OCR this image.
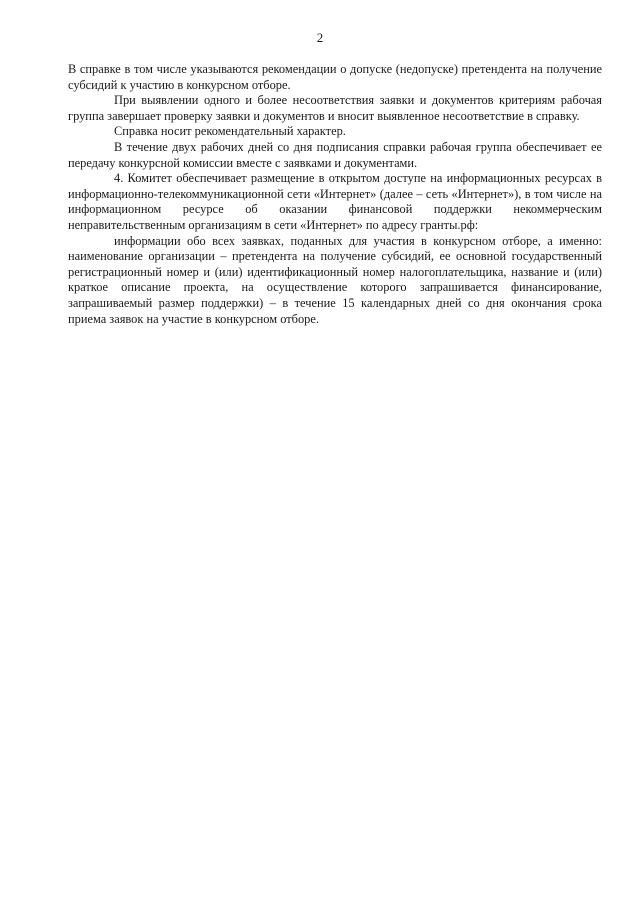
2

В справке в том числе указываются рекомендации о допуске (недопуске) претендента на получение субсидий к участию в конкурсном отборе.

При выявлении одного и более несоответствия заявки и документов критериям рабочая группа завершает проверку заявки и документов и вносит выявленное несоответствие в справку.

Справка носит рекомендательный характер.

В течение двух рабочих дней со дня подписания справки рабочая группа обеспечивает ее передачу конкурсной комиссии вместе с заявками и документами.

4. Комитет обеспечивает размещение в открытом доступе на информационных ресурсах в информационно-телекоммуникационной сети «Интернет» (далее – сеть «Интернет»), в том числе на информационном ресурсе об оказании финансовой поддержки некоммерческим неправительственным организациям в сети «Интернет» по адресу гранты.рф:

информации обо всех заявках, поданных для участия в конкурсном отборе, а именно: наименование организации – претендента на получение субсидий, ее основной государственный регистрационный номер и (или) идентификационный номер налогоплательщика, название и (или) краткое описание проекта, на осуществление которого запрашивается финансирование, запрашиваемый размер поддержки) – в течение 15 календарных дней со дня окончания срока приема заявок на участие в конкурсном отборе.
